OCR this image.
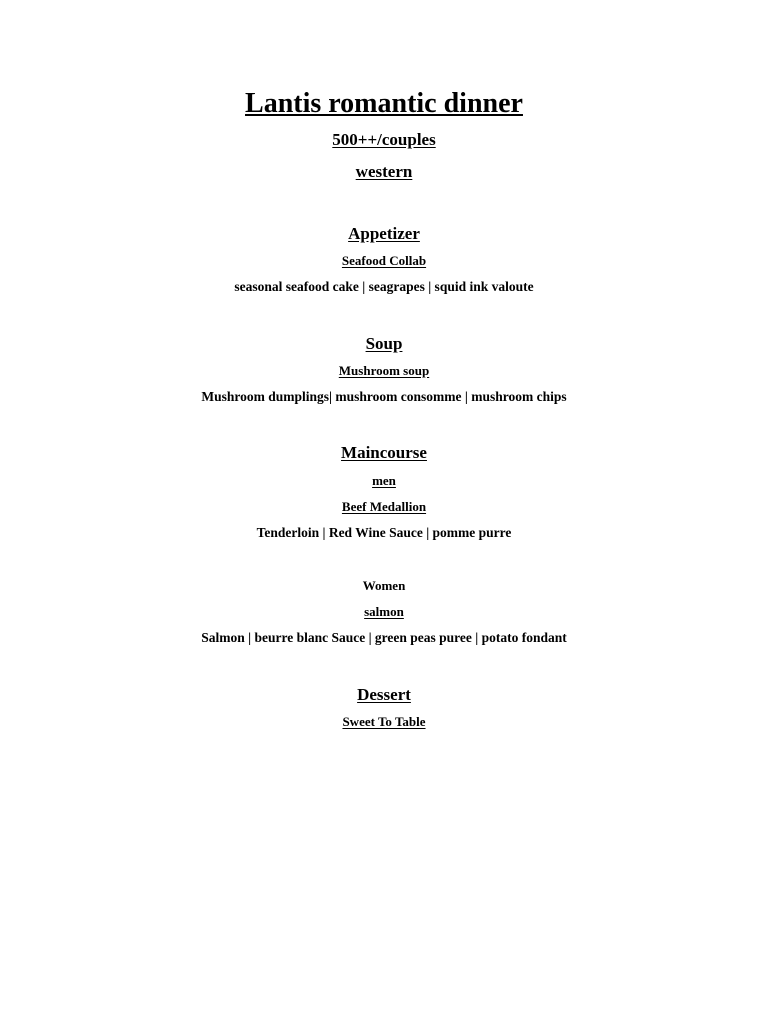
Lantis romantic dinner
500++/couples
western
Appetizer
Seafood Collab
seasonal seafood cake | seagrapes | squid ink valoute
Soup
Mushroom soup
Mushroom dumplings| mushroom consomme | mushroom chips
Maincourse
men
Beef Medallion
Tenderloin | Red Wine Sauce | pomme purre
Women
salmon
Salmon | beurre blanc Sauce | green peas puree | potato fondant
Dessert
Sweet To Table
